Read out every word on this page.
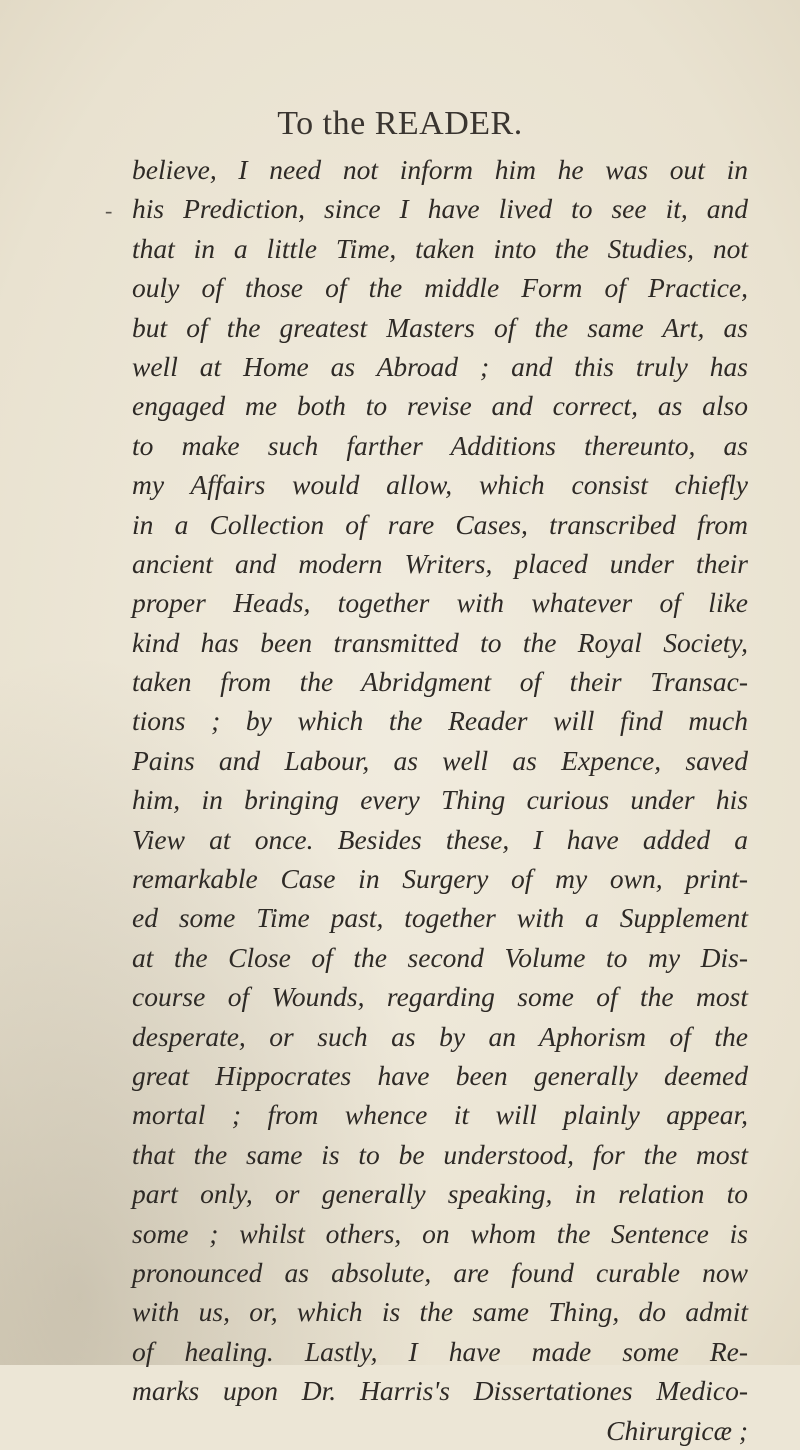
To the READER.
-
believe, I need not inform him he was out in
his Prediction, since I have lived to see it, and
that in a little Time, taken into the Studies, not
ouly of those of the middle Form of Practice,
but of the greatest Masters of the same Art, as
well at Home as Abroad ; and this truly has
engaged me both to revise and correct, as also
to make such farther Additions thereunto, as
my Affairs would allow, which consist chiefly
in a Collection of rare Cases, transcribed from
ancient and modern Writers, placed under their
proper Heads, together with whatever of like
kind has been transmitted to the Royal Society,
taken from the Abridgment of their Transac-
tions ; by which the Reader will find much
Pains and Labour, as well as Expence, saved
him, in bringing every Thing curious under his
View at once. Besides these, I have added a
remarkable Case in Surgery of my own, print-
ed some Time past, together with a Supplement
at the Close of the second Volume to my Dis-
course of Wounds, regarding some of the most
desperate, or such as by an Aphorism of the
great Hippocrates have been generally deemed
mortal ; from whence it will plainly appear,
that the same is to be understood, for the most
part only, or generally speaking, in relation to
some ; whilst others, on whom the Sentence is
pronounced as absolute, are found curable now
with us, or, which is the same Thing, do admit
of healing. Lastly, I have made some Re-
marks upon Dr. Harris's Dissertationes Medico-
Chirurgicæ ;
